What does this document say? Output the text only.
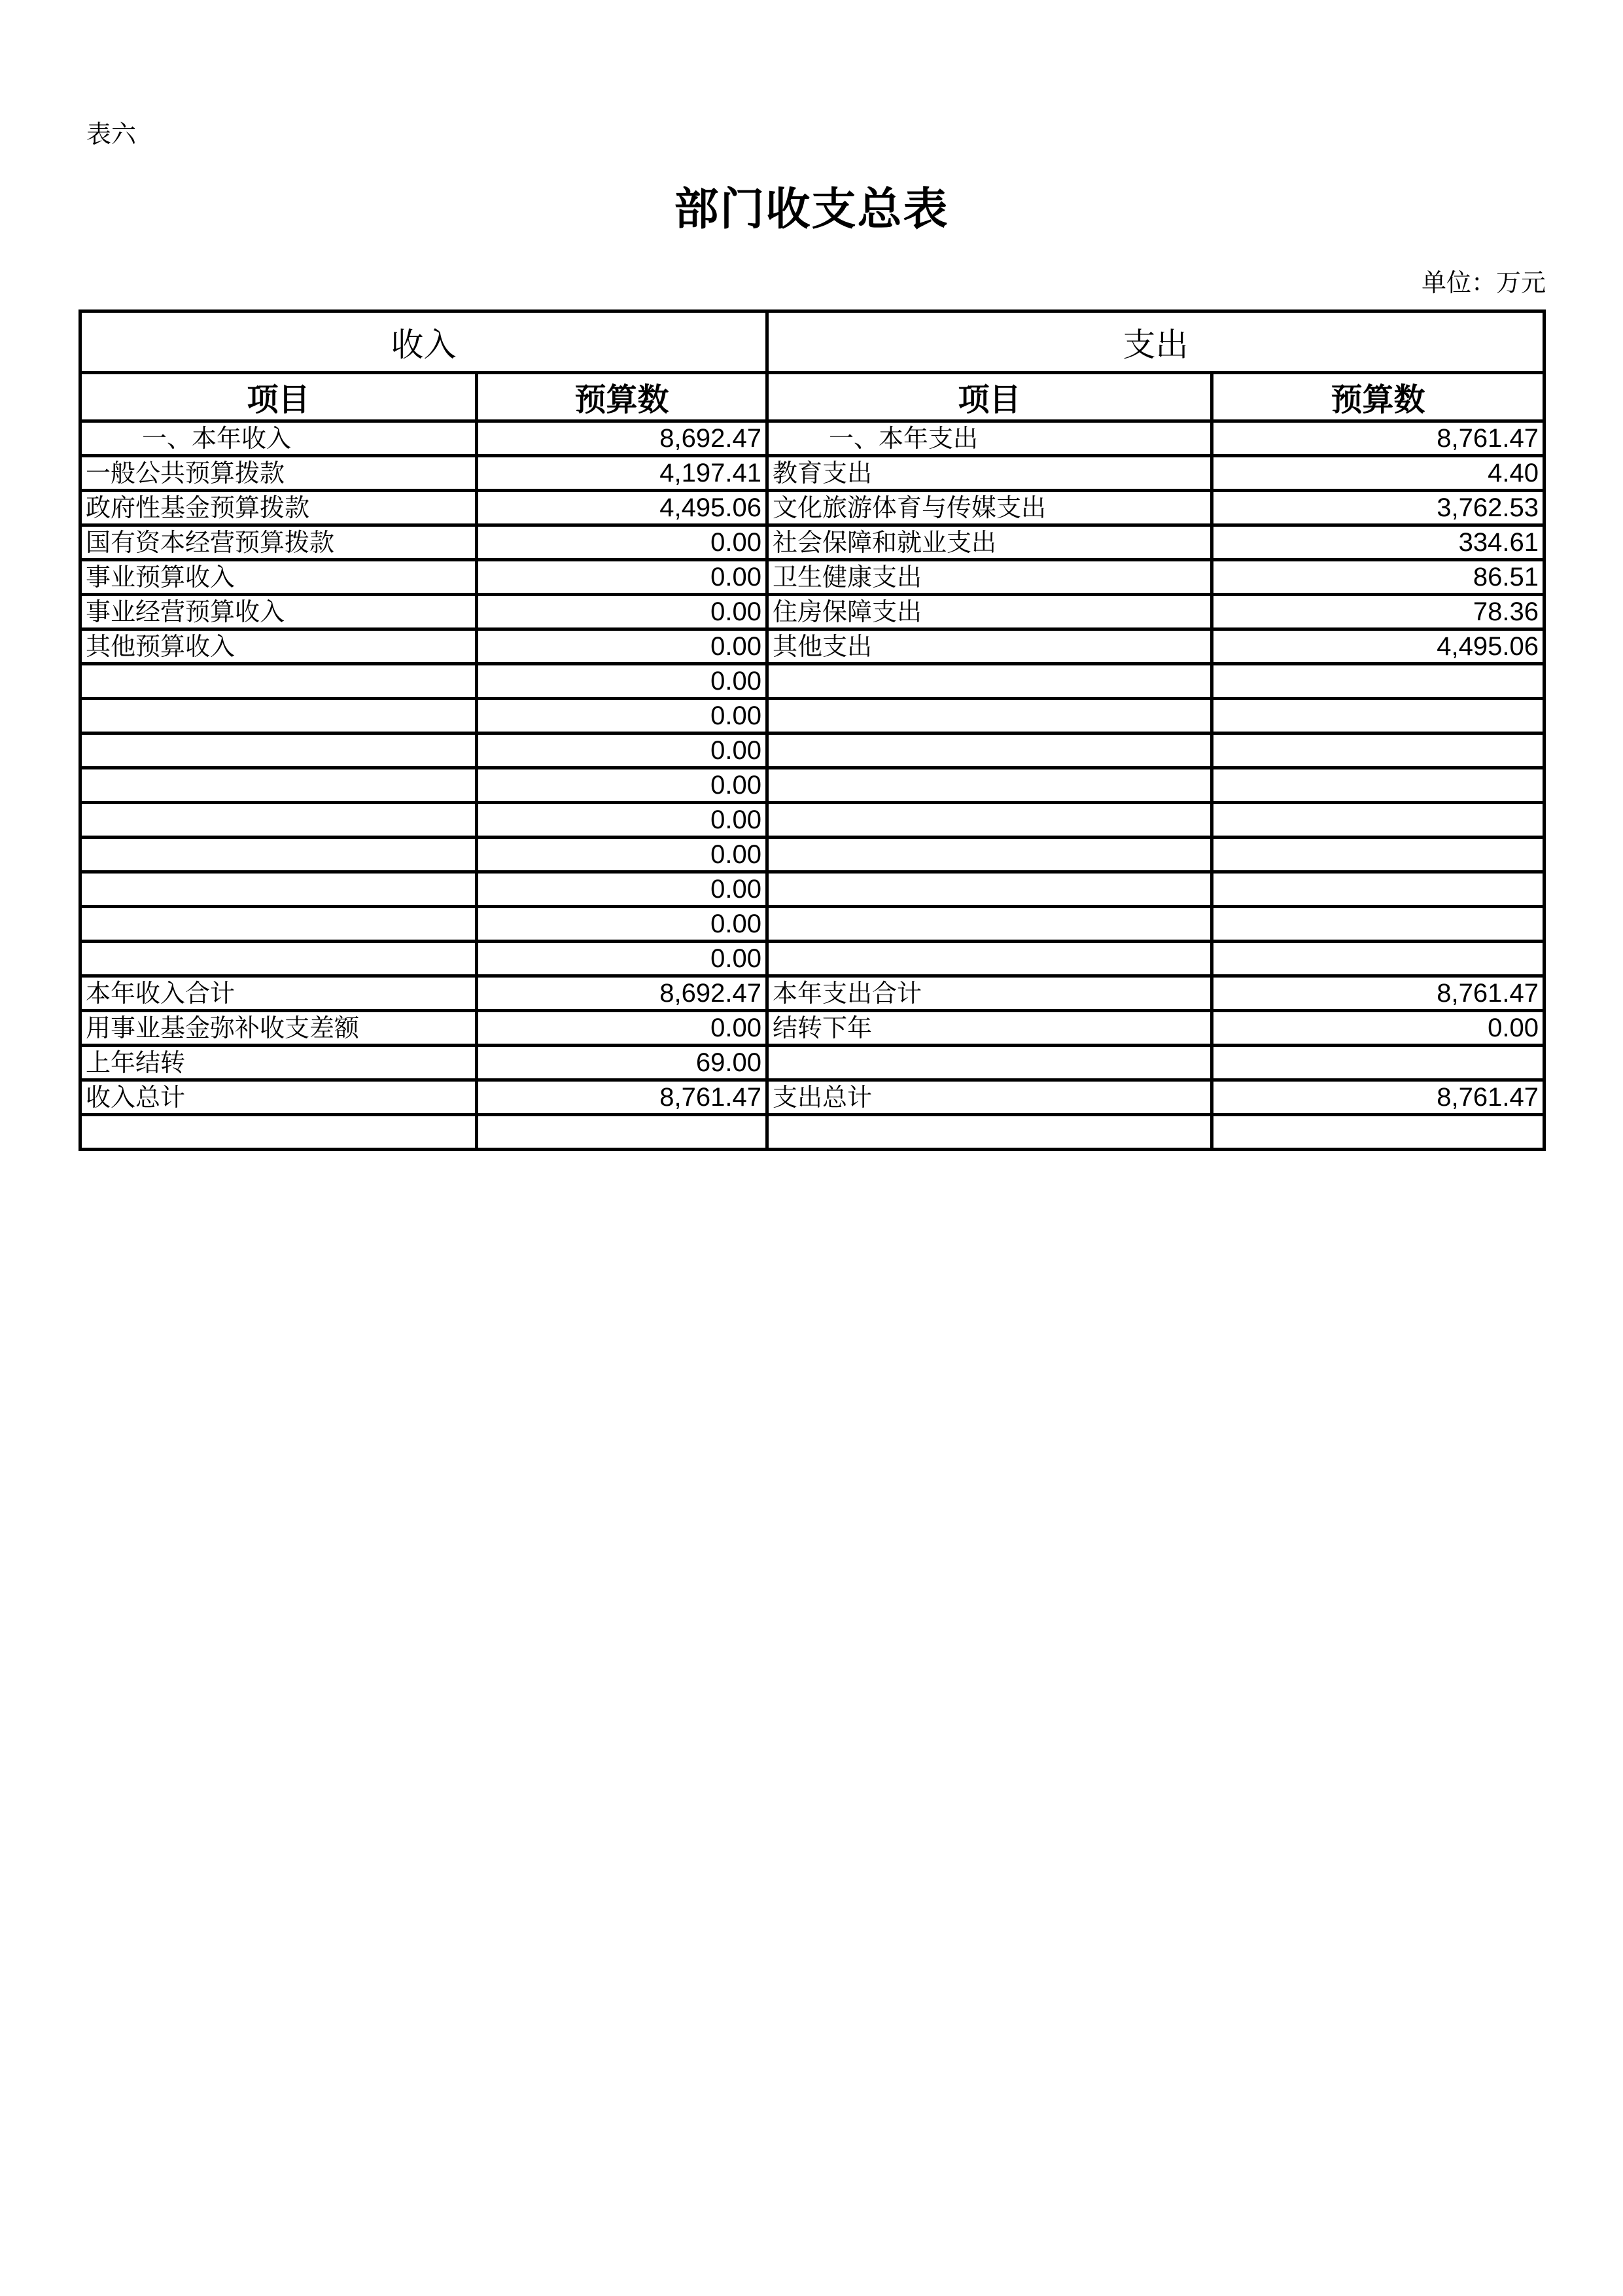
表六
部门收支总表
单位：万元
收入		支出	
项目	预算数	项目	预算数
一、本年收入	8,692.47	一、本年支出	8,761.47
一般公共预算拨款	4,197.41	教育支出	4.40
政府性基金预算拨款	4,495.06	文化旅游体育与传媒支出	3,762.53
国有资本经营预算拨款	0.00	社会保障和就业支出	334.61
事业预算收入	0.00	卫生健康支出	86.51
事业经营预算收入	0.00	住房保障支出	78.36
其他预算收入	0.00	其他支出	4,495.06
	0.00		
	0.00		
	0.00		
	0.00		
	0.00		
	0.00		
	0.00		
	0.00		
	0.00		
本年收入合计	8,692.47	本年支出合计	8,761.47
用事业基金弥补收支差额	0.00	结转下年	0.00
上年结转	69.00		
收入总计	8,761.47	支出总计	8,761.47
